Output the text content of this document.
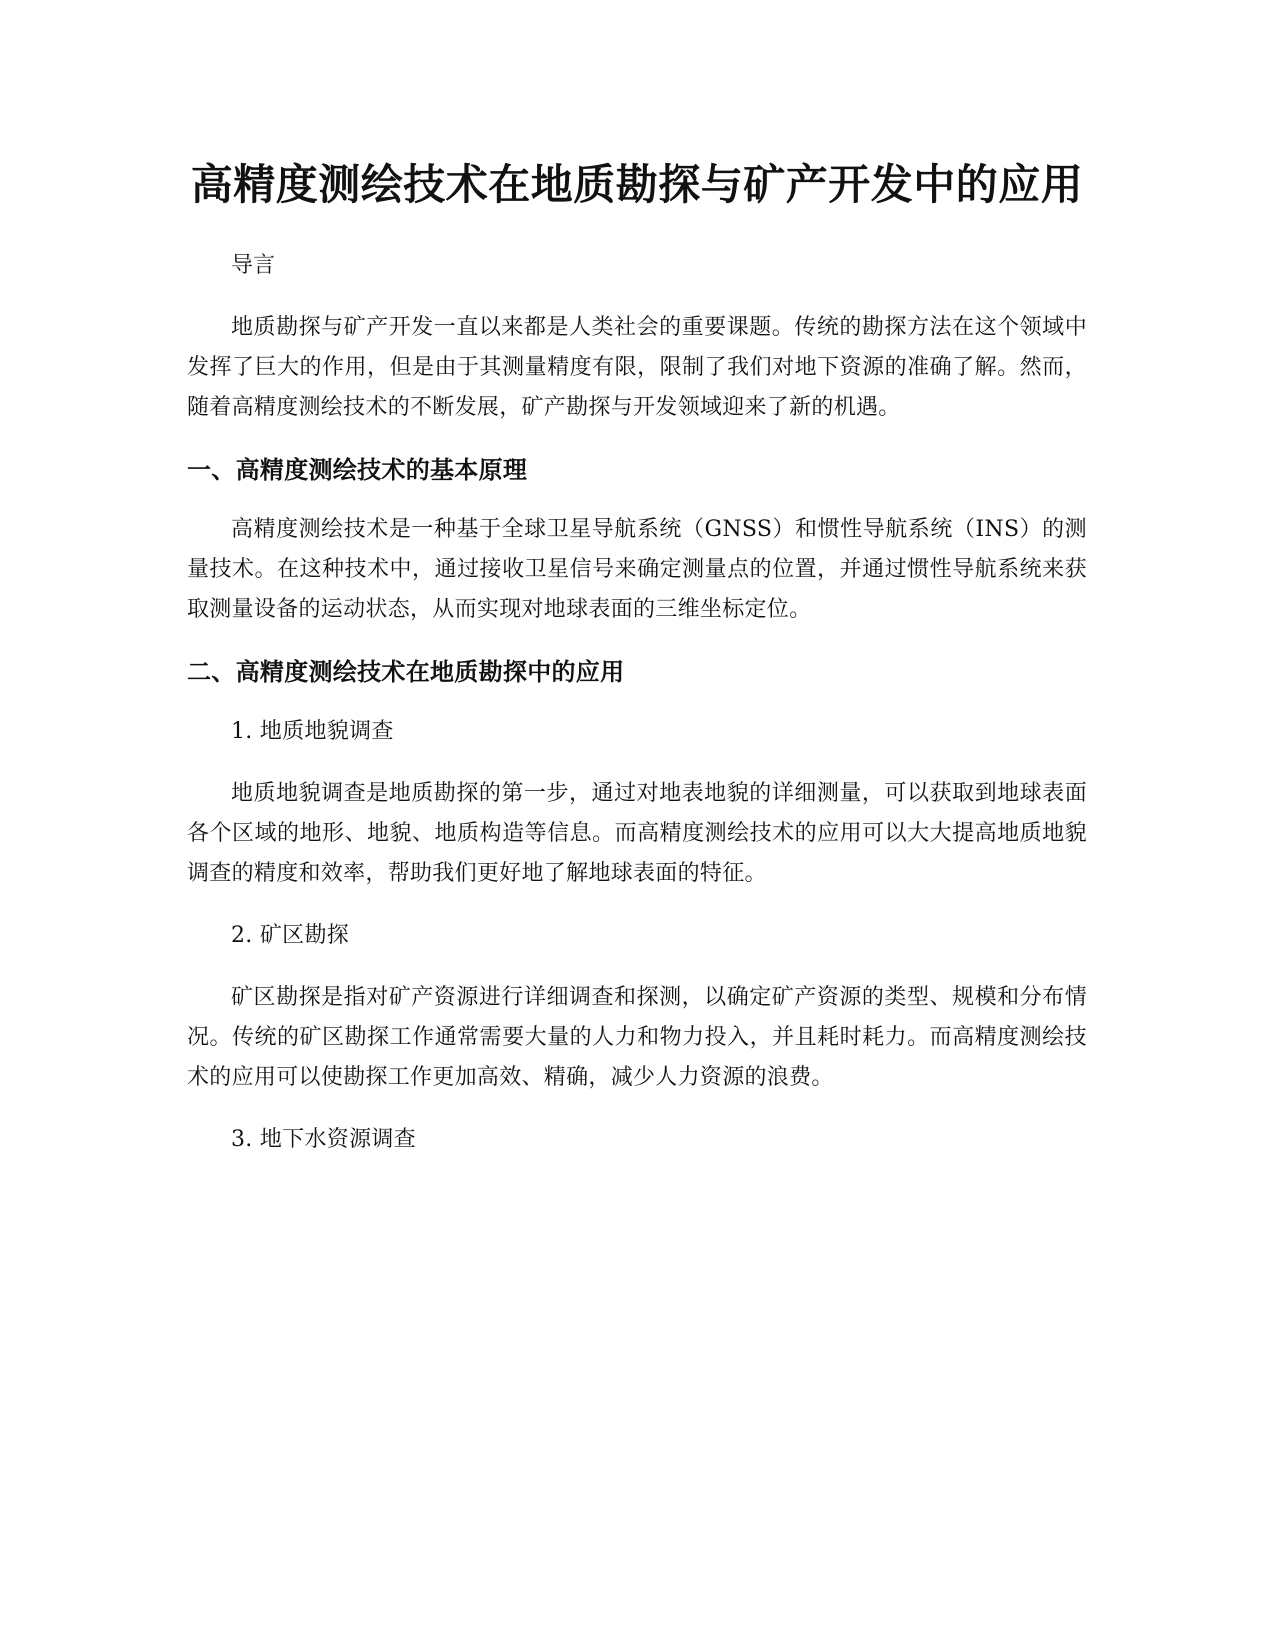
高精度测绘技术在地质勘探与矿产开发中的应用

导言

地质勘探与矿产开发一直以来都是人类社会的重要课题。传统的勘探方法在这个领域中发挥了巨大的作用，但是由于其测量精度有限，限制了我们对地下资源的准确了解。然而，随着高精度测绘技术的不断发展，矿产勘探与开发领域迎来了新的机遇。

一、高精度测绘技术的基本原理

高精度测绘技术是一种基于全球卫星导航系统（GNSS）和惯性导航系统（INS）的测量技术。在这种技术中，通过接收卫星信号来确定测量点的位置，并通过惯性导航系统来获取测量设备的运动状态，从而实现对地球表面的三维坐标定位。

二、高精度测绘技术在地质勘探中的应用

1. 地质地貌调查

地质地貌调查是地质勘探的第一步，通过对地表地貌的详细测量，可以获取到地球表面各个区域的地形、地貌、地质构造等信息。而高精度测绘技术的应用可以大大提高地质地貌调查的精度和效率，帮助我们更好地了解地球表面的特征。

2. 矿区勘探

矿区勘探是指对矿产资源进行详细调查和探测，以确定矿产资源的类型、规模和分布情况。传统的矿区勘探工作通常需要大量的人力和物力投入，并且耗时耗力。而高精度测绘技术的应用可以使勘探工作更加高效、精确，减少人力资源的浪费。

3. 地下水资源调查
